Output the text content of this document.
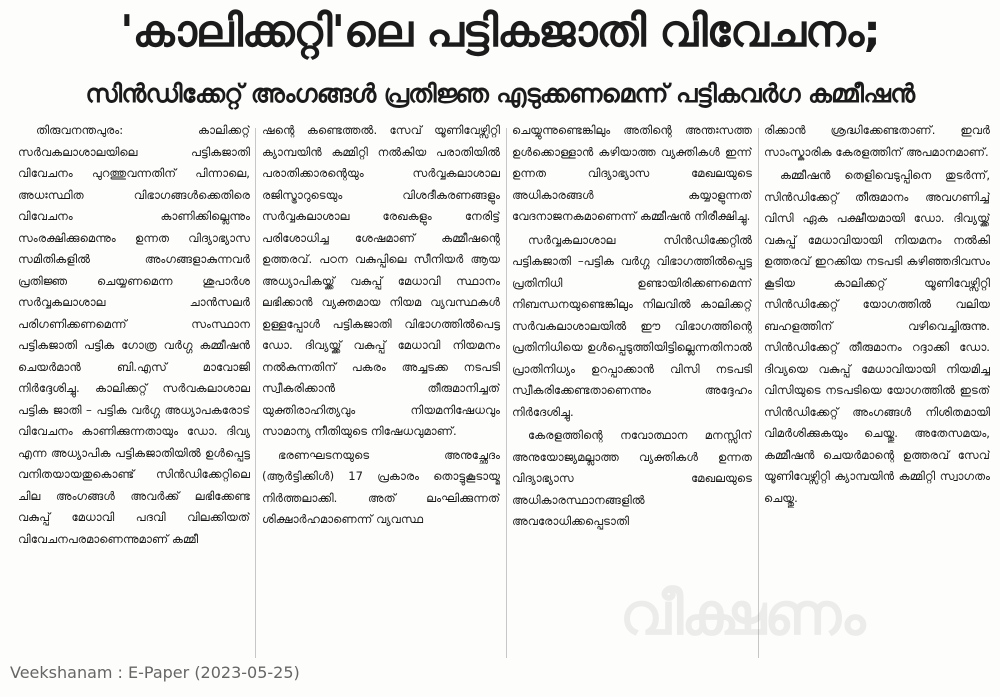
'കാലിക്കറ്റി'ലെ പട്ടികജാതി വിവേചനം;
സിൻഡിക്കേറ്റ് അംഗങ്ങൾ പ്രതിജ്ഞ എടുക്കണമെന്ന് പട്ടികവർഗ കമ്മീഷൻ

തിരുവനന്തപുരം: കാലിക്കറ്റ് സർവകലാശാലയിലെ പട്ടികജാതി വിവേചനം പുറത്തുവന്നതിന് പിന്നാലെ, അധഃസ്ഥിത വിഭാഗങ്ങൾക്കെതിരെ വിവേചനം കാണിക്കില്ലെന്നും സംരക്ഷിക്കുമെന്നും ഉന്നത വിദ്യാഭ്യാസ സമിതികളിൽ അംഗങ്ങളാകുന്നവർ പ്രതിജ്ഞ ചെയ്യണമെന്ന ശുപാർശ സർവ്വകലാശാല ചാൻസലർ പരിഗണിക്കണമെന്ന് സംസ്ഥാന പട്ടികജാതി പട്ടിക ഗോത്ര വർഗ്ഗ കമ്മീഷൻ ചെയർമാൻ ബി.എസ് മാവോജി നിർദ്ദേശിച്ചു. കാലിക്കറ്റ് സർവകലാശാല പട്ടിക ജാതി – പട്ടിക വർഗ്ഗ അധ്യാപകരോട് വിവേചനം കാണിക്കുന്നതായും ഡോ. ദിവ്യ എന്ന അധ്യാപിക പട്ടികജാതിയിൽ ഉൾപ്പെട്ട വനിതയായതുകൊണ്ട് സിൻഡിക്കേറ്റിലെ ചില അംഗങ്ങൾ അവർക്ക് ലഭിക്കേണ്ട വകുപ്പ് മേധാവി പദവി വിലക്കിയത് വിവേചനപരമാണെന്നുമാണ് കമ്മീ

ഷന്റെ കണ്ടെത്തൽ. സേവ് യൂണിവേഴ്സിറ്റി ക്യാമ്പയിൻ കമ്മിറ്റി നൽകിയ പരാതിയിൽ പരാതിക്കാരന്റെയും സർവ്വകലാശാല രജിസ്ട്രാറുടെയും വിശദീകരണങ്ങളും സർവ്വകലാശാല രേഖകളും നേരിട്ട് പരിശോധിച്ച ശേഷമാണ് കമ്മീഷന്റെ ഉത്തരവ്. പഠന വകുപ്പിലെ സീനിയർ ആയ അധ്യാപികയ്ക്ക് വകുപ്പ് മേധാവി സ്ഥാനം ലഭിക്കാൻ വ്യക്തമായ നിയമ വ്യവസ്ഥകൾ ഉള്ളപ്പോൾ പട്ടികജാതി വിഭാഗത്തിൽപെട്ട ഡോ. ദിവ്യയ്ക്ക് വകുപ്പ് മേധാവി നിയമനം നൽകുന്നതിന് പകരം അച്ചടക്ക നടപടി സ്വീകരിക്കാൻ തീരുമാനിച്ചത് യുക്തിരാഹിത്യവും നിയമനിഷേധവും സാമാന്യ നീതിയുടെ നിഷേധവുമാണ്.

ഭരണഘടനയുടെ അനുച്ഛേദം (ആർട്ടിക്കിൾ) 17 പ്രകാരം തൊട്ടുകൂടായ്മ നിർത്തലാക്കി. അത് ലംഘിക്കുന്നത് ശിക്ഷാർഹമാണെന്ന് വ്യവസ്ഥ

ചെയ്യുന്നുണ്ടെങ്കിലും അതിന്റെ അന്തഃസത്ത ഉൾക്കൊള്ളാൻ കഴിയാത്ത വ്യക്തികൾ ഇന്ന് ഉന്നത വിദ്യാഭ്യാസ മേഖലയുടെ അധികാരങ്ങൾ കയ്യാളുന്നത് വേദനാജനകമാണെന്ന് കമ്മീഷൻ നിരീക്ഷിച്ചു.

സർവ്വകലാശാല സിൻഡിക്കേറ്റിൽ പട്ടികജാതി –പട്ടിക വർഗ്ഗ വിഭാഗത്തിൽപ്പെട്ട പ്രതിനിധി ഉണ്ടായിരിക്കണമെന്ന് നിബന്ധനയുണ്ടെങ്കിലും നിലവിൽ കാലിക്കറ്റ് സർവകലാശാലയിൽ ഈ വിഭാഗത്തിന്റെ പ്രതിനിധിയെ ഉൾപ്പെടുത്തിയിട്ടില്ലെന്നതിനാൽ പ്രാതിനിധ്യം ഉറപ്പാക്കാൻ വിസി നടപടി സ്വീകരിക്കേണ്ടതാണെന്നും അദ്ദേഹം നിർദേശിച്ചു.

കേരളത്തിന്റെ നവോത്ഥാന മനസ്സിന് അനുയോജ്യമല്ലാത്ത വ്യക്തികൾ ഉന്നത വിദ്യാഭ്യാസ മേഖലയുടെ അധികാരസ്ഥാനങ്ങളിൽ അവരോധിക്കപ്പെടാതി

രിക്കാൻ ശ്രദ്ധിക്കേണ്ടതാണ്. ഇവർ സാംസ്കാരിക കേരളത്തിന് അപമാനമാണ്.

കമ്മീഷൻ തെളിവെടുപ്പിനെ തുടർന്ന്, സിൻഡിക്കേറ്റ് തീരുമാനം അവഗണിച്ച് വിസി ഏക പക്ഷീയമായി ഡോ. ദിവ്യയ്ക്ക് വകുപ്പ് മേധാവിയായി നിയമനം നൽകി ഉത്തരവ് ഇറക്കിയ നടപടി കഴിഞ്ഞദിവസം കൂടിയ കാലിക്കറ്റ് യൂണിവേഴ്സിറ്റി സിൻഡിക്കേറ്റ് യോഗത്തിൽ വലിയ ബഹളത്തിന് വഴിവെച്ചിരുന്നു. സിൻഡിക്കേറ്റ് തീരുമാനം റദ്ദാക്കി ഡോ. ദിവ്യയെ വകുപ്പ് മേധാവിയായി നിയമിച്ച വിസിയുടെ നടപടിയെ യോഗത്തിൽ ഇടത് സിൻഡിക്കേറ്റ് അംഗങ്ങൾ നിശിതമായി വിമർശിക്കുകയും ചെയ്തു. അതേസമയം, കമ്മീഷൻ ചെയർമാന്റെ ഉത്തരവ് സേവ് യൂണിവേഴ്സിറ്റി ക്യാമ്പയിൻ കമ്മിറ്റി സ്വാഗതം ചെയ്തു.

വീക്ഷണം
Veekshanam : E-Paper (2023-05-25)
